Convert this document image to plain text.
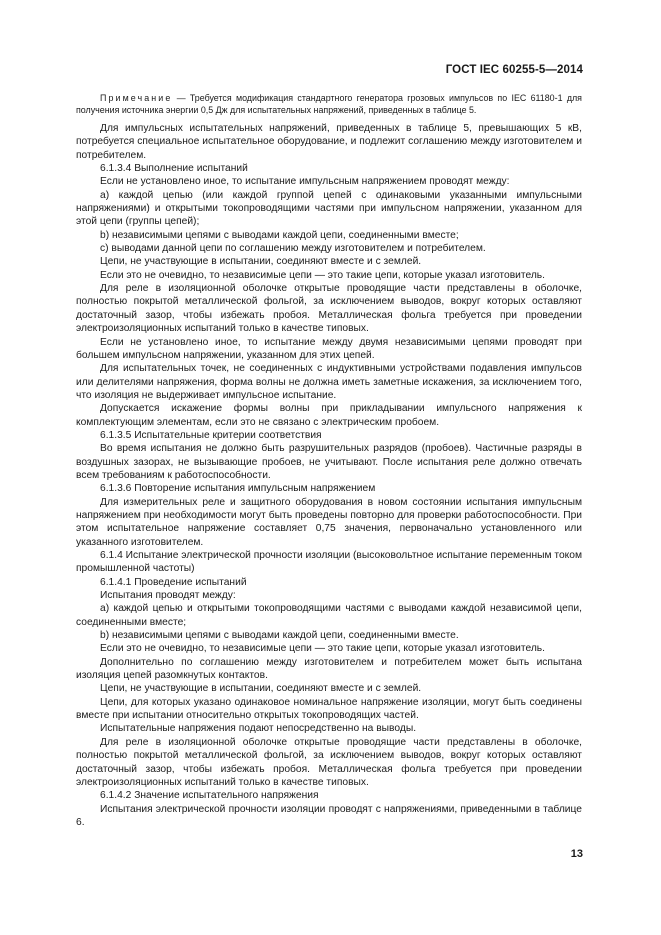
ГОСТ IEC 60255-5—2014

Примечание — Требуется модификация стандартного генератора грозовых импульсов по IEC 61180-1 для получения источника энергии 0,5 Дж для испытательных напряжений, приведенных в таблице 5.

Для импульсных испытательных напряжений, приведенных в таблице 5, превышающих 5 кВ, потребуется специальное испытательное оборудование, и подлежит соглашению между изготовителем и потребителем.

6.1.3.4 Выполнение испытаний

Если не установлено иное, то испытание импульсным напряжением проводят между:

a) каждой цепью (или каждой группой цепей с одинаковыми указанными импульсными напряжениями) и открытыми токопроводящими частями при импульсном напряжении, указанном для этой цепи (группы цепей);

b) независимыми цепями с выводами каждой цепи, соединенными вместе;

c) выводами данной цепи по соглашению между изготовителем и потребителем.

Цепи, не участвующие в испытании, соединяют вместе и с землей.

Если это не очевидно, то независимые цепи — это такие цепи, которые указал изготовитель.

Для реле в изоляционной оболочке открытые проводящие части представлены в оболочке, полностью покрытой металлической фольгой, за исключением выводов, вокруг которых оставляют достаточный зазор, чтобы избежать пробоя. Металлическая фольга требуется при проведении электроизоляционных испытаний только в качестве типовых.

Если не установлено иное, то испытание между двумя независимыми цепями проводят при большем импульсном напряжении, указанном для этих цепей.

Для испытательных точек, не соединенных с индуктивными устройствами подавления импульсов или делителями напряжения, форма волны не должна иметь заметные искажения, за исключением того, что изоляция не выдерживает импульсное испытание.

Допускается искажение формы волны при прикладывании импульсного напряжения к комплектующим элементам, если это не связано с электрическим пробоем.

6.1.3.5 Испытательные критерии соответствия

Во время испытания не должно быть разрушительных разрядов (пробоев). Частичные разряды в воздушных зазорах, не вызывающие пробоев, не учитывают. После испытания реле должно отвечать всем требованиям к работоспособности.

6.1.3.6 Повторение испытания импульсным напряжением

Для измерительных реле и защитного оборудования в новом состоянии испытания импульсным напряжением при необходимости могут быть проведены повторно для проверки работоспособности. При этом испытательное напряжение составляет 0,75 значения, первоначально установленного или указанного изготовителем.

6.1.4 Испытание электрической прочности изоляции (высоковольтное испытание переменным током промышленной частоты)

6.1.4.1 Проведение испытаний

Испытания проводят между:

a) каждой цепью и открытыми токопроводящими частями с выводами каждой независимой цепи, соединенными вместе;

b) независимыми цепями с выводами каждой цепи, соединенными вместе.

Если это не очевидно, то независимые цепи — это такие цепи, которые указал изготовитель.

Дополнительно по соглашению между изготовителем и потребителем может быть испытана изоляция цепей разомкнутых контактов.

Цепи, не участвующие в испытании, соединяют вместе и с землей.

Цепи, для которых указано одинаковое номинальное напряжение изоляции, могут быть соединены вместе при испытании относительно открытых токопроводящих частей.

Испытательные напряжения подают непосредственно на выводы.

Для реле в изоляционной оболочке открытые проводящие части представлены в оболочке, полностью покрытой металлической фольгой, за исключением выводов, вокруг которых оставляют достаточный зазор, чтобы избежать пробоя. Металлическая фольга требуется при проведении электроизоляционных испытаний только в качестве типовых.

6.1.4.2 Значение испытательного напряжения

Испытания электрической прочности изоляции проводят с напряжениями, приведенными в таблице 6.

13
